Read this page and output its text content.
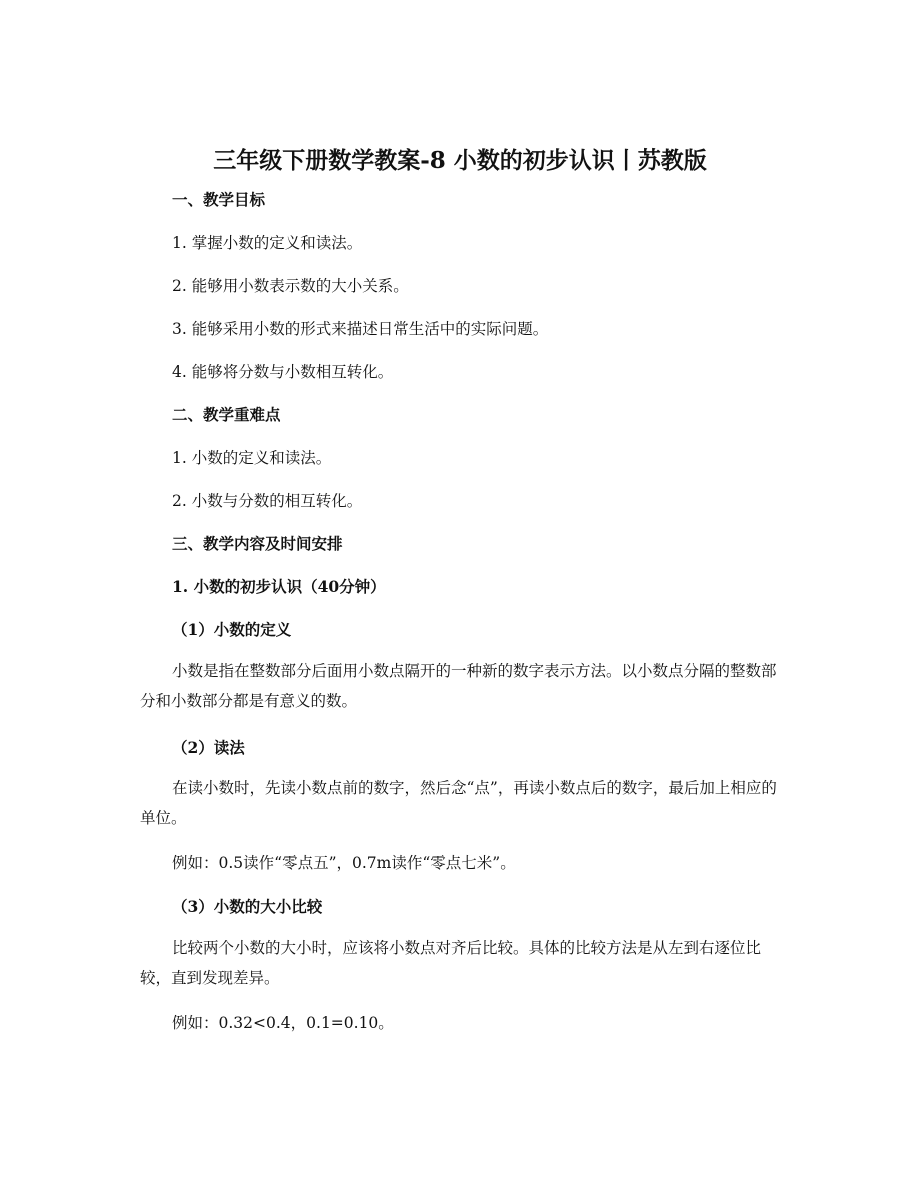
三年级下册数学教案-8 小数的初步认识丨苏教版

一、教学目标

1. 掌握小数的定义和读法。

2. 能够用小数表示数的大小关系。

3. 能够采用小数的形式来描述日常生活中的实际问题。

4. 能够将分数与小数相互转化。

二、教学重难点

1. 小数的定义和读法。

2. 小数与分数的相互转化。

三、教学内容及时间安排

1. 小数的初步认识（40分钟）

（1）小数的定义

小数是指在整数部分后面用小数点隔开的一种新的数字表示方法。以小数点分隔的整数部分和小数部分都是有意义的数。

（2）读法

在读小数时，先读小数点前的数字，然后念“点”，再读小数点后的数字，最后加上相应的单位。

例如：0.5读作“零点五”，0.7m读作“零点七米”。

（3）小数的大小比较

比较两个小数的大小时，应该将小数点对齐后比较。具体的比较方法是从左到右逐位比较，直到发现差异。

例如：0.32<0.4，0.1=0.10。
